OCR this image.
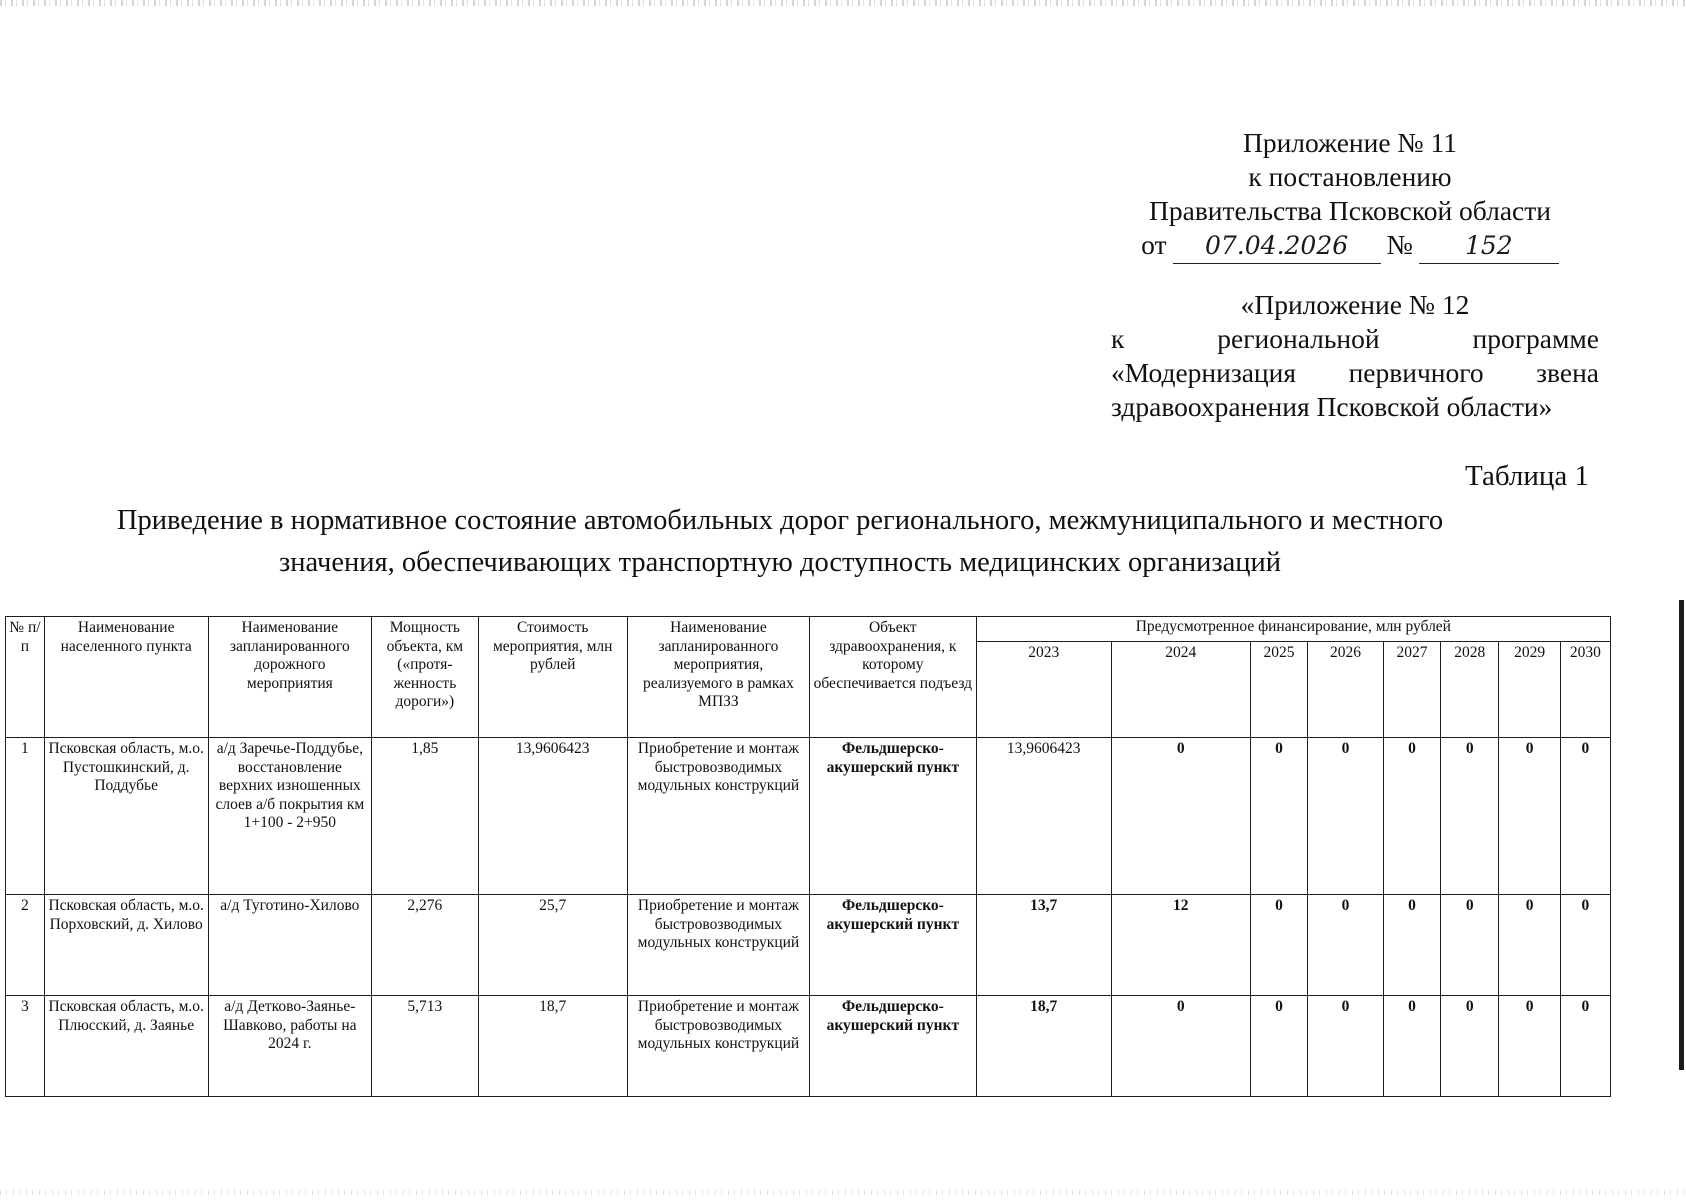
Приложение № 11
к постановлению
Правительства Псковской области
от	07.04.2026	№	152
«Приложение № 12
к региональной программе
«Модернизация первичного звена
здравоохранения Псковской области»
Таблица 1
Приведение в нормативное состояние автомобильных дорог регионального, межмуниципального и местного
значения, обеспечивающих транспортную доступность медицинских организаций
№ п/п	Наименование населенного пункта	Наименование запланированного дорожного мероприятия	Мощность объекта, км («протя-женность дороги»)	Стоимость мероприятия, млн рублей	Наименование запланированного мероприятия, реализуемого в рамках МПЗЗ	Объект здравоохранения, к которому обеспечивается подъезд	Предусмотренное финансирование, млн рублей							
							2023	2024	2025	2026	2027	2028	2029	2030
1	Псковская область, м.о. Пустошкинский, д. Поддубье	а/д Заречье-Поддубье, восстановление верхних изношенных слоев а/б покрытия км 1+100 - 2+950	1,85	13,9606423	Приобретение и монтаж быстровозводимых модульных конструкций	Фельдшерско-акушерский пункт	13,9606423	0	0	0	0	0	0	0
2	Псковская область, м.о. Порховский, д. Хилово	а/д Туготино-Хилово	2,276	25,7	Приобретение и монтаж быстровозводимых модульных конструкций	Фельдшерско-акушерский пункт	13,7	12	0	0	0	0	0	0
3	Псковская область, м.о. Плюсский, д. Заянье	а/д Детково-Заянье-Шавково, работы на 2024 г.	5,713	18,7	Приобретение и монтаж быстровозводимых модульных конструкций	Фельдшерско-акушерский пункт	18,7	0	0	0	0	0	0	0
